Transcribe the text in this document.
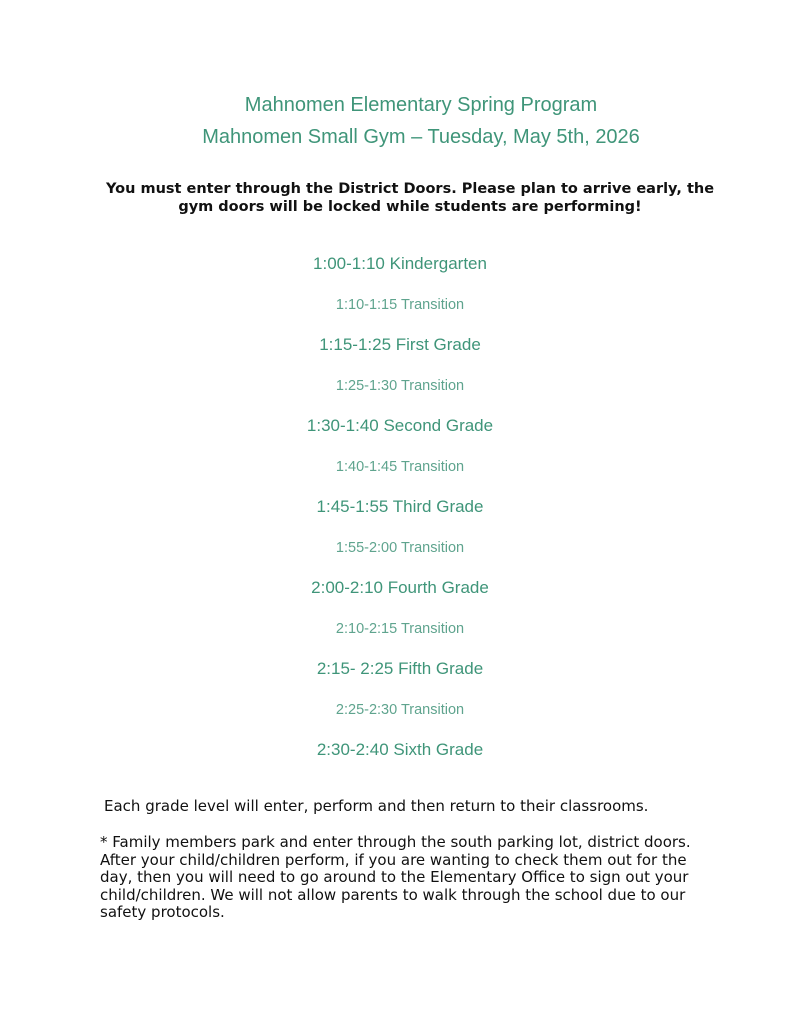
Mahnomen Elementary Spring Program
Mahnomen Small Gym – Tuesday, May 5th, 2026
You must enter through the District Doors. Please plan to arrive early, the gym doors will be locked while students are performing!
1:00-1:10 Kindergarten
1:10-1:15 Transition
1:15-1:25 First Grade
1:25-1:30 Transition
1:30-1:40 Second Grade
1:40-1:45 Transition
1:45-1:55 Third Grade
1:55-2:00 Transition
2:00-2:10 Fourth Grade
2:10-2:15 Transition
2:15- 2:25 Fifth Grade
2:25-2:30 Transition
2:30-2:40 Sixth Grade
Each grade level will enter, perform and then return to their classrooms.
* Family members park and enter through the south parking lot, district doors. After your child/children perform, if you are wanting to check them out for the day, then you will need to go around to the Elementary Office to sign out your child/children. We will not allow parents to walk through the school due to our safety protocols.
